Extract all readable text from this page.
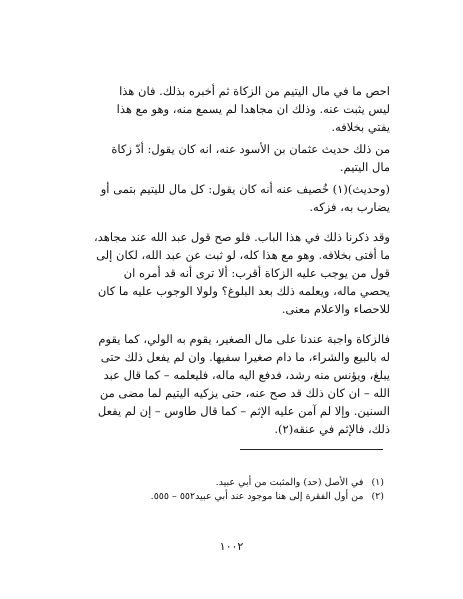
احص ما في مال اليتيم من الزكاة ثم أخبره بذلك. فان هذا ليس يثبت عنه. وذلك ان مجاهدا لم يسمع منه، وهو مع هذا يفتي بخلافه.

من ذلك حديث عثمان بن الأسود عنه، انه كان يقول: أدّ زكاة مال اليتيم.

(وحديث)(١) خُصيف عنه أنه كان يقول: كل مال لليتيم بتمى أو يضارب به، فزكه.

وقد ذكرنا ذلك في هذا الباب. فلو صح قول عبد الله عند مجاهد، ما أفتى بخلافه. وهو مع هذا كله، لو ثبت عن عبد الله، لكان إلى قول من يوجب عليه الزكاة أقرب: ألا ترى أنه قد أمره ان يحصي ماله، ويعلمه ذلك بعد البلوغ؟ ولولا الوجوب عليه ما كان للاحصاء والاعلام معنى.

فالزكاة واجبة عندنا على مال الصغير، يقوم به الولي، كما يقوم له بالبيع والشراء، ما دام صغيرا سفيها. وان لم يفعل ذلك حتى يبلغ، ويؤنس منه رشد، فدفع اليه ماله، فليعلمه – كما قال عبد الله – ان كان ذلك قد صح عنه، حتى يزكيه اليتيم لما مضى من السنين. وإلا لم آمن عليه الإثم – كما قال طاوس – إن لم يفعل ذلك، فالإثم في عنقه(٢).

(١)
في الأصل (حد) والمثبت من أبي عبيد.

(٢)
من أول الفقرة إلى هنا موجود عند أبي عبيد٥٥٢ – ٥٥٥.

١٠٠٢
